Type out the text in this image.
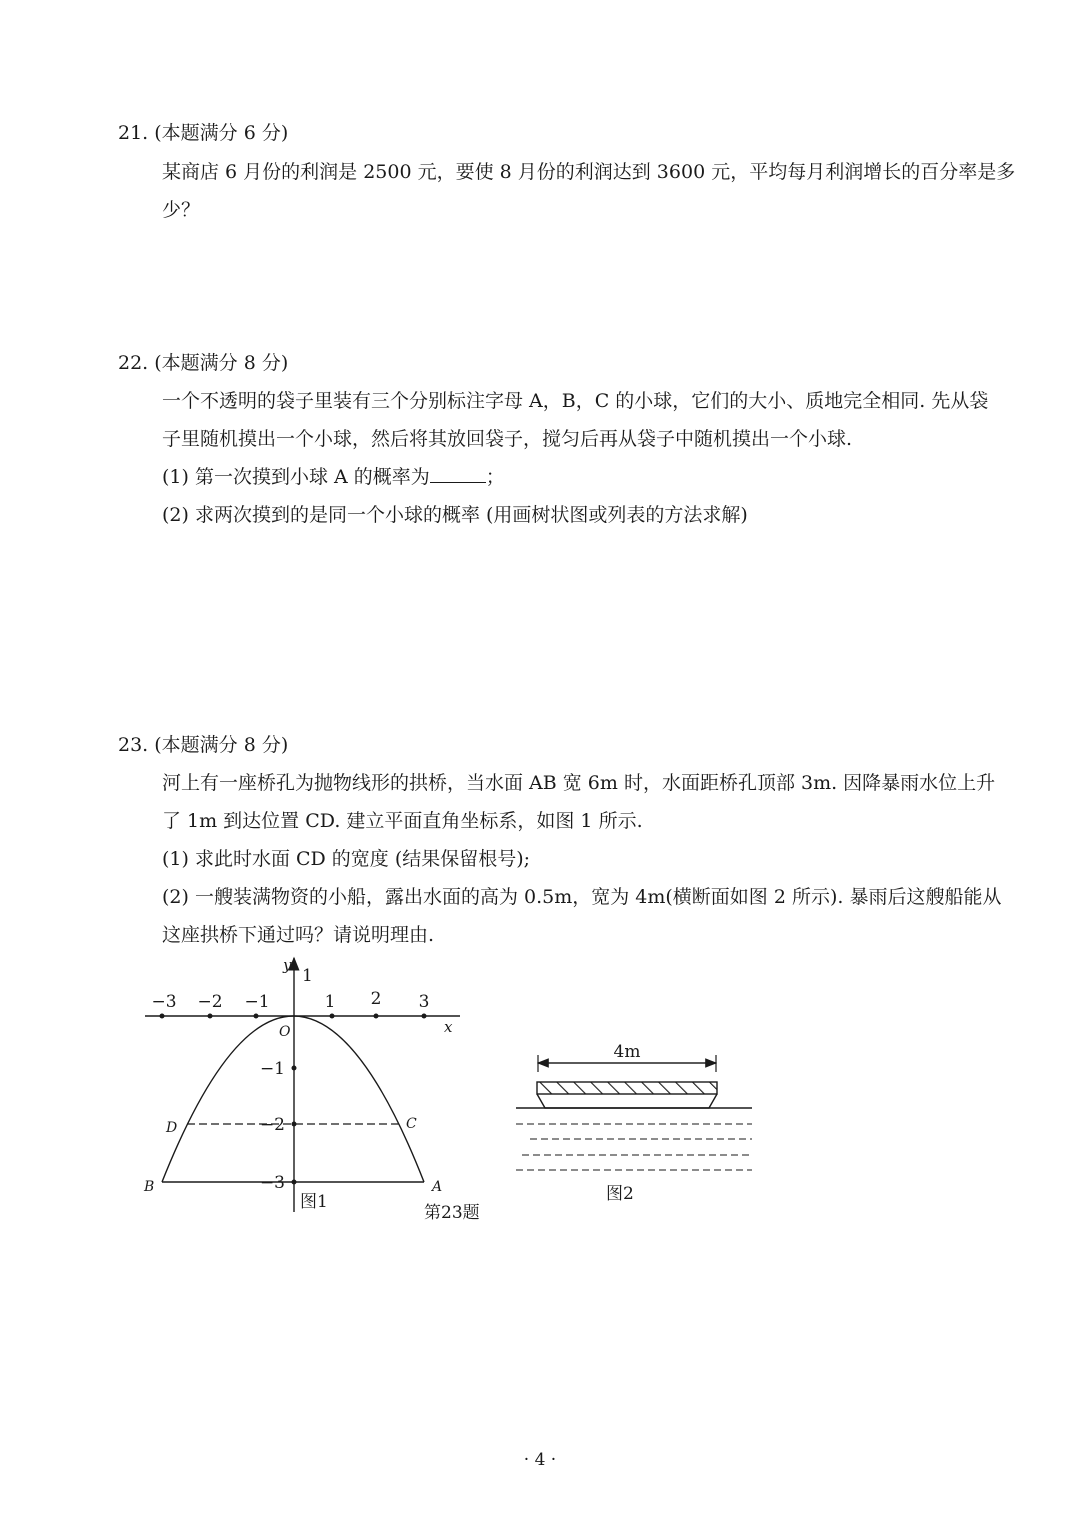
21. (本题满分 6 分)
某商店 6 月份的利润是 2500 元，要使 8 月份的利润达到 3600 元，平均每月利润增长的百分率是多
少？
22. (本题满分 8 分)
一个不透明的袋子里装有三个分别标注字母 A，B，C 的小球，它们的大小、质地完全相同. 先从袋
子里随机摸出一个小球，然后将其放回袋子，搅匀后再从袋子中随机摸出一个小球.
(1) 第一次摸到小球 A 的概率为	；
(2) 求两次摸到的是同一个小球的概率 (用画树状图或列表的方法求解)
23. (本题满分 8 分)
河上有一座桥孔为抛物线形的拱桥，当水面 AB 宽 6m 时，水面距桥孔顶部 3m. 因降暴雨水位上升
了 1m 到达位置 CD. 建立平面直角坐标系，如图 1 所示.
(1) 求此时水面 CD 的宽度 (结果保留根号);
(2) 一艘装满物资的小船，露出水面的高为 0.5m，宽为 4m(横断面如图 2 所示). 暴雨后这艘船能从
这座拱桥下通过吗？请说明理由.
−3 −2 −1	1 2 3
1
−1
−2
−3
y
x
O
D	C
B	A
图1
第23题
4m
图2
· 4 ·
